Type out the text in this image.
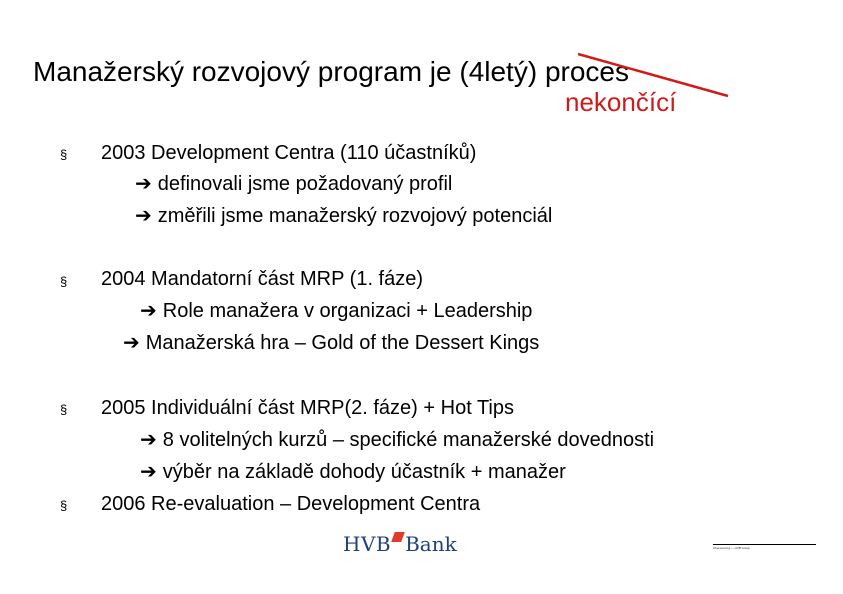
Manažerský rozvojový program je (4letý) proces
nekončící
§ 2003 Development Centra (110 účastníků)
➔ definovali jsme požadovaný profil
➔ změřili jsme manažerský rozvojový potenciál
§ 2004 Mandatorní část MRP (1. fáze)
➔ Role manažera v organizaci + Leadership
➔ Manažerská hra – Gold of the Dessert Kings
§ 2005 Individuální část MRP(2. fáze) + Hot Tips
➔ 8 volitelných kurzů – specifické manažerské dovednosti
➔ výběr na základě dohody účastník + manažer
§ 2006 Re-evaluation – Development Centra
HVB Bank	Übersetzung — HVB Group
